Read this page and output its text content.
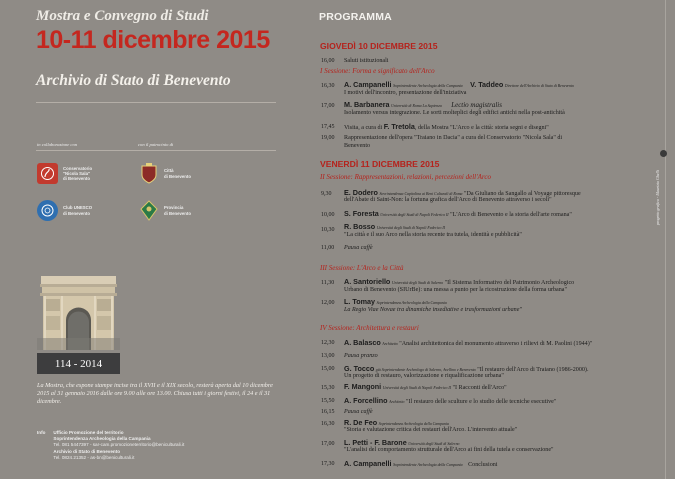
Mostra e Convegno di Studi
10-11 dicembre 2015
Archivio di Stato di Benevento
in collaborazione con	con il patrocinio di
Conservatorio
"Nicola Sala"
di Benevento
Club UNESCO
di Benevento
Città
di Benevento
Provincia
di Benevento
114 - 2014
La Mostra, che espone stampe incise tra il XVII e il XIX secolo, resterà aperta dal 10 dicembre 2015 al 31 gennaio 2016 dalle ore 9.00 alle ore 13.00. Chiusa tutti i giorni festivi, il 24 e il 31 dicembre.
Info Ufficio Promozione del territorio
Soprintendenza Archeologia della Campania
Tel. 081 5447397 - sar-cam.promozioneterritorio@beniculturali.it
Archivio di Stato di Benevento
Tel. 0824.21352 - as-bn@beniculturali.it
PROGRAMMA
GIOVEDÌ 10 DICEMBRE 2015
16,00 Saluti istituzionali
I Sessione: Forma e significato dell'Arco
16,30 A. Campanelli Soprintendente Archeologia della Campania V. Taddeo Direttore dell'Archivio di Stato di Benevento
I motivi dell'incontro, presentazione dell'iniziativa
17,00 M. Barbanera Università di Roma La Sapienza Lectio magistralis
Isolamento versus integrazione. Le sorti molteplici degli edifici antichi nella post-antichità
17,45 Visita, a cura di F. Tretola, della Mostra "L'Arco e la città: storia segni e disegni"
19,00 Rappresentazione dell'opera "Traiano in Dacia" a cura del Conservatorio "Nicola Sala" di
Benevento
VENERDÌ 11 DICEMBRE 2015
II Sessione: Rappresentazioni, relazioni, percezioni dell'Arco
9,30 E. Dodero Sovrintendenza Capitolina ai Beni Culturali di Roma "Da Giuliano da Sangallo al Voyage pittoresque
dell'Abate di Saint-Non: la fortuna grafica dell'Arco di Benevento attraverso i secoli"
10,00 S. Foresta Università degli Studi di Napoli Federico II "L'Arco di Benevento e la storia dell'arte romana"
10,30 R. Bosso Università degli Studi di Napoli Federico II
"La città e il suo Arco nella storia recente tra tutela, identità e pubblicità"
11,00 Pausa caffè
III Sessione: L'Arco e la Città
11,30 A. Santoriello Università degli Studi di Salerno "Il Sistema Informativo del Patrimonio Archeologico
Urbano di Benevento (SIUrBe): una messa a punto per la ricostruzione della forma urbana"
12,00 L. Tomay Soprintendenza Archeologia della Campania
La Regio Viae Novae tra dinamiche insediative e trasformazioni urbane"
IV Sessione: Architettura e restauri
12,30 A. Balasco Architetto "Analisi architettonica del monumento attraverso i rilievi di M. Paolini (1944)"
13,00 Pausa pranzo
15,00 G. Tocco già Soprintendente Archeologo di Salerno, Avellino e Benevento "Il restauro dell'Arco di Traiano (1986-2000).
Un progetto di restauro, valorizzazione e riqualificazione urbana"
15,30 F. Mangoni Università degli Studi di Napoli Federico II "I Racconti dell'Arco"
15,50 A. Forcellino Architetto "Il restauro delle sculture e lo studio delle tecniche esecutive"
16,15 Pausa caffè
16,30 R. De Feo Soprintendenza Archeologia della Campania
"Storia e valutazione critica dei restauri dell'Arco. L'intervento attuale"
17,00 L. Petti - F. Barone Università degli Studi di Salerno
"L'analisi del comportamento strutturale dell'Arco ai fini della tutela e conservazione"
17,30 A. Campanelli Soprintendente Archeologia della Campania Conclusioni
progetto grafico - Maurizio Ghelli
